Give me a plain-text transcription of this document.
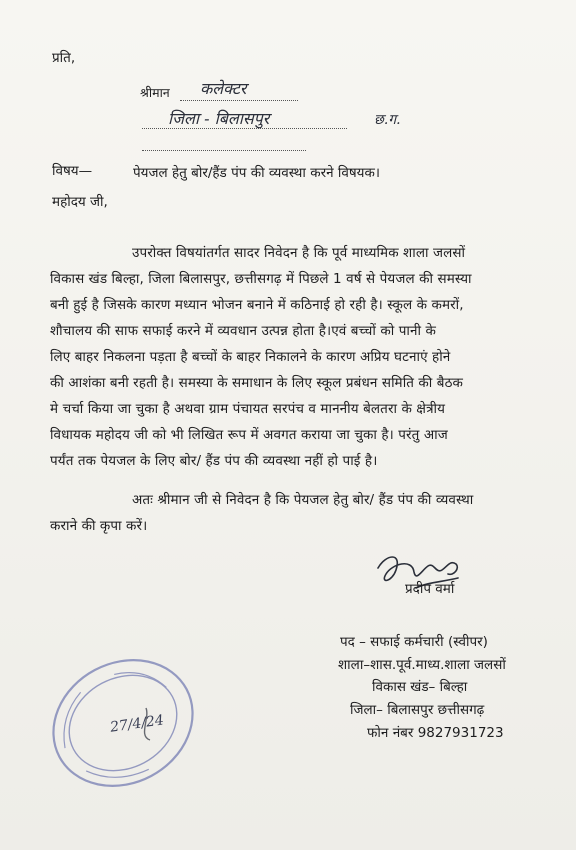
प्रति,
श्रीमान कलेक्टर
जिला - बिलासपुर	छ.ग.
विषय—	पेयजल हेतु बोर/हैंड पंप की व्यवस्था करने विषयक।
महोदय जी,
उपरोक्त विषयांतर्गत सादर निवेदन है कि पूर्व माध्यमिक शाला जलसों
विकास खंड बिल्हा, जिला बिलासपुर, छत्तीसगढ़ में पिछले 1 वर्ष से पेयजल की समस्या
बनी हुई है जिसके कारण मध्यान भोजन बनाने में कठिनाई हो रही है। स्कूल के कमरों,
शौचालय की साफ सफाई करने में व्यवधान उत्पन्न होता है।एवं बच्चों को पानी के
लिए बाहर निकलना पड़ता है बच्चों के बाहर निकालने के कारण अप्रिय घटनाएं होने
की आशंका बनी रहती है। समस्या के समाधान के लिए स्कूल प्रबंधन समिति की बैठक
मे चर्चा किया जा चुका है अथवा ग्राम पंचायत सरपंच व माननीय बेलतरा के क्षेत्रीय
विधायक महोदय जी को भी लिखित रूप में अवगत कराया जा चुका है। परंतु आज
पर्यंत तक पेयजल के लिए बोर/ हैंड पंप की व्यवस्था नहीं हो पाई है।
अतः श्रीमान जी से निवेदन है कि पेयजल हेतु बोर/ हैंड पंप की व्यवस्था
कराने की कृपा करें।
प्रदीप वर्मा
पद – सफाई कर्मचारी (स्वीपर)
शाला–शास.पूर्व.माध्य.शाला जलसों
विकास खंड– बिल्हा
जिला– बिलासपुर छत्तीसगढ़
फोन नंबर 9827931723
27/4/24
